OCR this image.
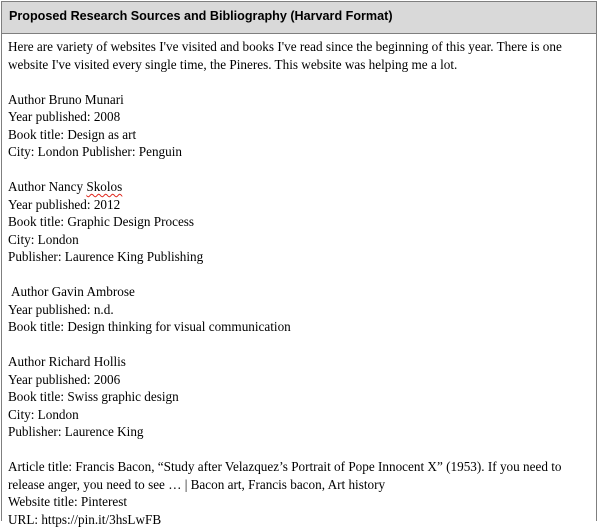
Proposed Research Sources and Bibliography (Harvard Format)

Here are variety of websites I've visited and books I've read since the beginning of this year. There is one website I've visited every single time, the Pineres. This website was helping me a lot.

Author Bruno Munari
Year published: 2008
Book title: Design as art
City: London Publisher: Penguin
Author Nancy Skolos
Year published: 2012
Book title: Graphic Design Process
City: London
Publisher: Laurence King Publishing
Author Gavin Ambrose
Year published: n.d.
Book title: Design thinking for visual communication
Author Richard Hollis
Year published: 2006
Book title: Swiss graphic design
City: London
Publisher: Laurence King
Article title: Francis Bacon, “Study after Velazquez’s Portrait of Pope Innocent X” (1953). If you need to
release anger, you need to see … | Bacon art, Francis bacon, Art history
Website title: Pinterest
URL: https://pin.it/3hsLwFB
